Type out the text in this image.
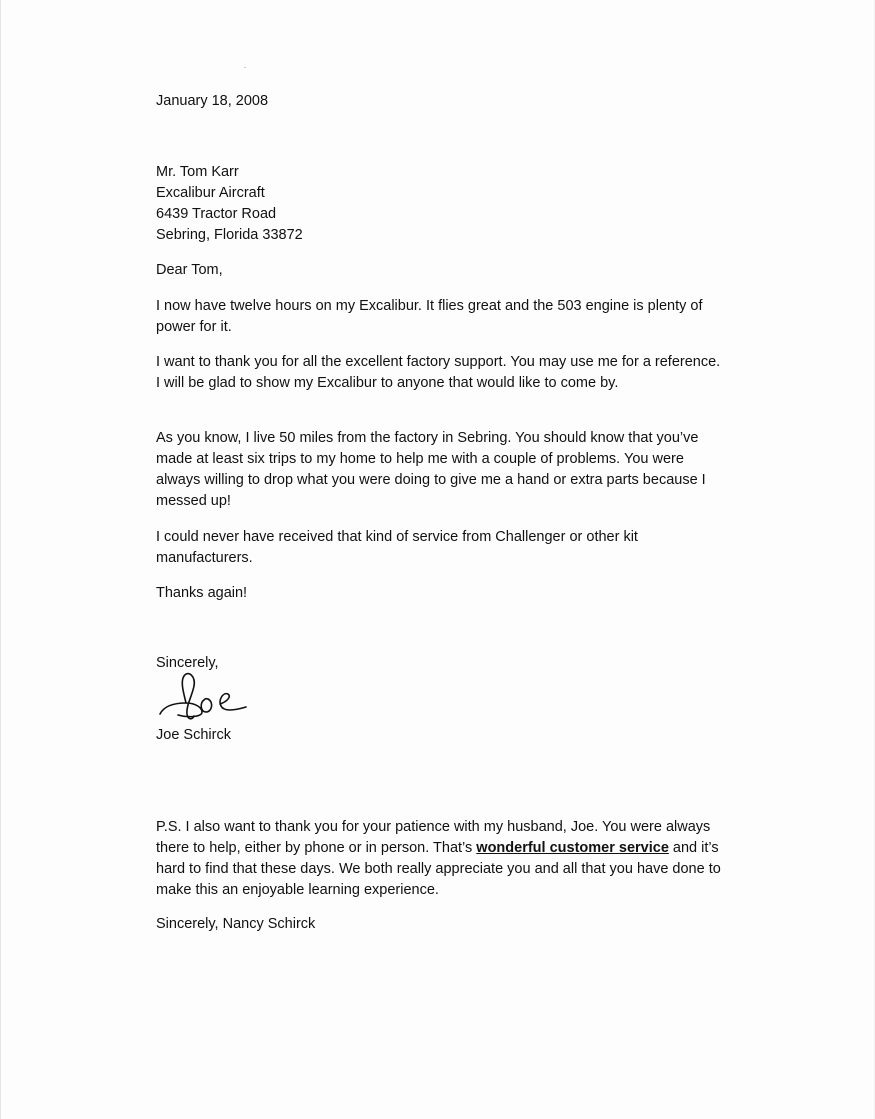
January 18, 2008
Mr. Tom Karr
Excalibur Aircraft
6439 Tractor Road
Sebring, Florida 33872
Dear Tom,
I now have twelve hours on my Excalibur. It flies great and the 503 engine is plenty of power for it.
I want to thank you for all the excellent factory support. You may use me for a reference. I will be glad to show my Excalibur to anyone that would like to come by.
As you know, I live 50 miles from the factory in Sebring. You should know that you’ve made at least six trips to my home to help me with a couple of problems. You were always willing to drop what you were doing to give me a hand or extra parts because I messed up!
I could never have received that kind of service from Challenger or other kit manufacturers.
Thanks again!
Sincerely,
Joe Schirck
P.S. I also want to thank you for your patience with my husband, Joe. You were always there to help, either by phone or in person. That’s wonderful customer service and it’s hard to find that these days. We both really appreciate you and all that you have done to make this an enjoyable learning experience.
Sincerely, Nancy Schirck
